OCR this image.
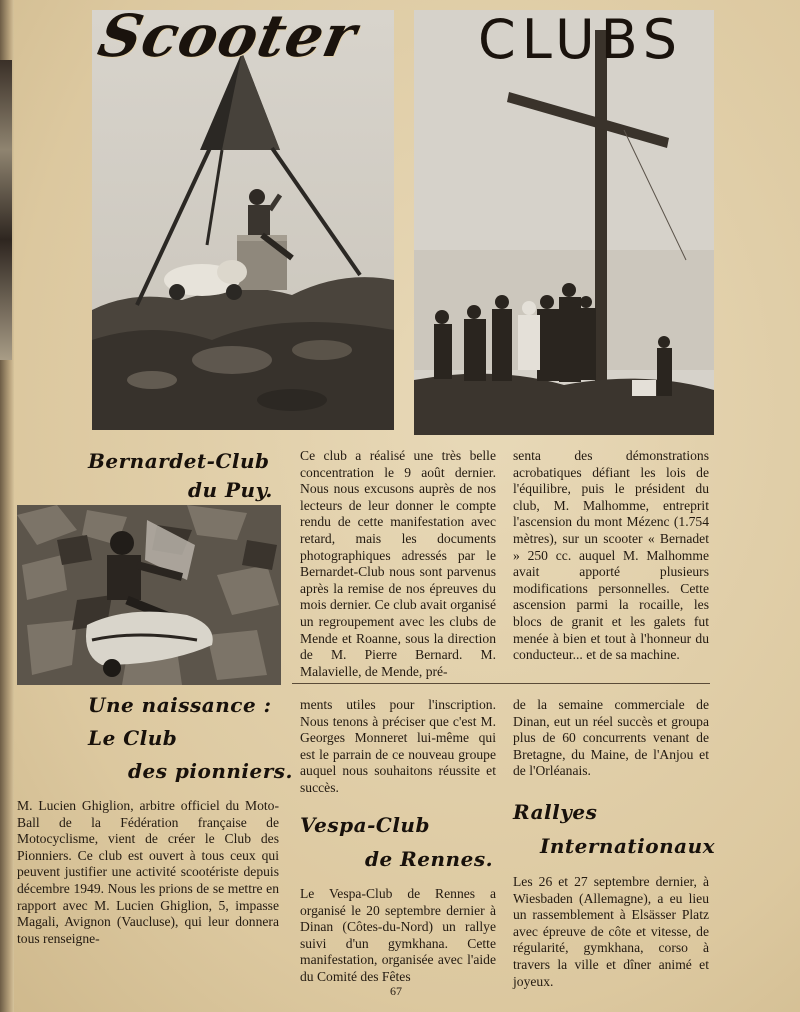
Scooter CLUBS
Bernardet-Club
du Puy.
Ce club a réalisé une très belle concentration le 9 août dernier. Nous nous excusons auprès de nos lecteurs de leur donner le compte rendu de cette manifestation avec retard, mais les documents photographiques adressés par le Bernardet-Club nous sont parvenus après la remise de nos épreuves du mois dernier. Ce club avait organisé un regroupement avec les clubs de Mende et Roanne, sous la direction de M. Pierre Bernard. M. Malavielle, de Mende, pré-
senta des démonstrations acrobatiques défiant les lois de l'équilibre, puis le président du club, M. Malhomme, entreprit l'ascension du mont Mézenc (1.754 mètres), sur un scooter « Bernadet » 250 cc. auquel M. Malhomme avait apporté plusieurs modifications personnelles. Cette ascension parmi la rocaille, les blocs de granit et les galets fut menée à bien et tout à l'honneur du conducteur... et de sa machine.
Une naissance :
Le Club
des pionniers.
M. Lucien Ghiglion, arbitre officiel du Moto-Ball de la Fédération française de Motocyclisme, vient de créer le Club des Pionniers. Ce club est ouvert à tous ceux qui peuvent justifier une activité scootériste depuis décembre 1949. Nous les prions de se mettre en rapport avec M. Lucien Ghiglion, 5, impasse Magali, Avignon (Vaucluse), qui leur donnera tous renseigne-
ments utiles pour l'inscription. Nous tenons à préciser que c'est M. Georges Monneret lui-même qui est le parrain de ce nouveau groupe auquel nous souhaitons réussite et succès.
Vespa-Club
de Rennes.
Le Vespa-Club de Rennes a organisé le 20 septembre dernier à Dinan (Côtes-du-Nord) un rallye suivi d'un gymkhana. Cette manifestation, organisée avec l'aide du Comité des Fêtes
de la semaine commerciale de Dinan, eut un réel succès et groupa plus de 60 concurrents venant de Bretagne, du Maine, de l'Anjou et de l'Orléanais.
Rallyes
Internationaux
Les 26 et 27 septembre dernier, à Wiesbaden (Allemagne), a eu lieu un rassemblement à Elsässer Platz avec épreuve de côte et vitesse, de régularité, gymkhana, corso à travers la ville et dîner animé et joyeux.
67
